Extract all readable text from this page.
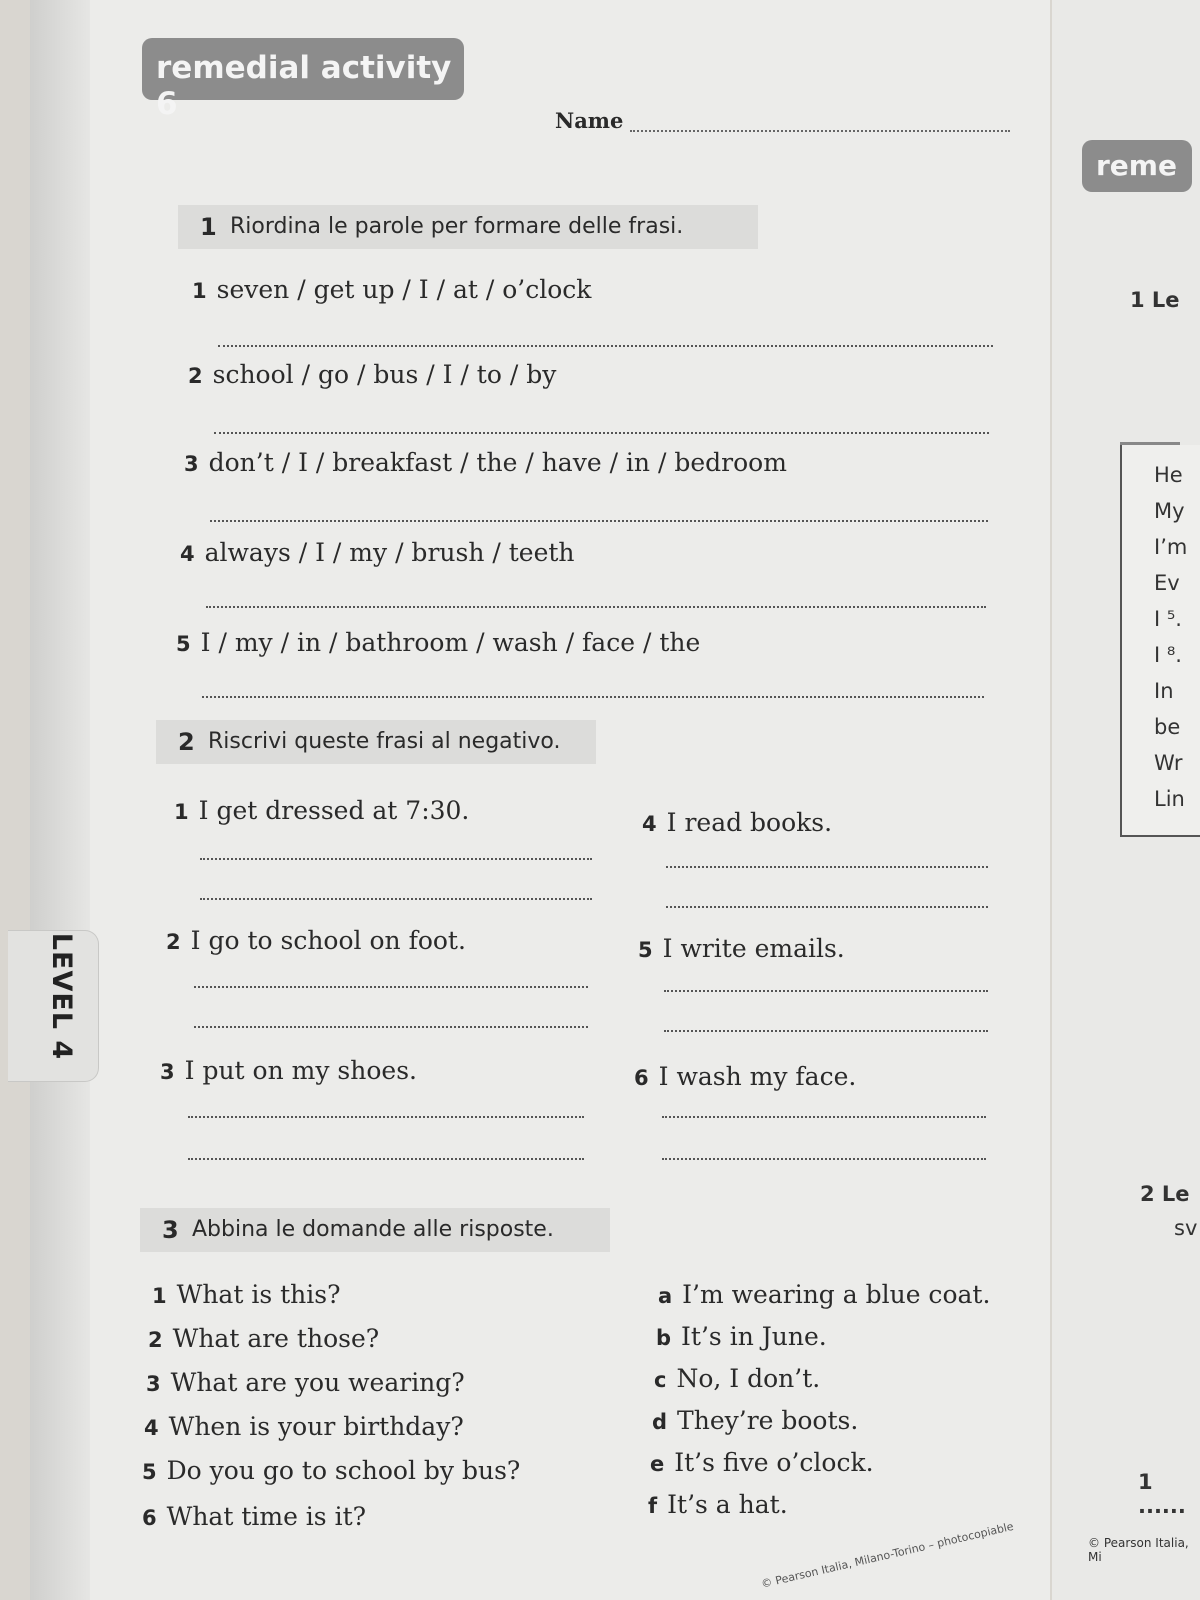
remedial activity 6	Name
1 Riordina le parole per formare delle frasi.
1 seven / get up / I / at / o’clock
2 school / go / bus / I / to / by
3 don’t / I / breakfast / the / have / in / bedroom
4 always / I / my / brush / teeth
5 I / my / in / bathroom / wash / face / the
2 Riscrivi queste frasi al negativo.
1 I get dressed at 7:30.	4 I read books.
2 I go to school on foot.	5 I write emails.
3 I put on my shoes.	6 I wash my face.
3 Abbina le domande alle risposte.
1 What is this?
2 What are those?
3 What are you wearing?
4 When is your birthday?
5 Do you go to school by bus?
6 What time is it?
a I’m wearing a blue coat.
b It’s in June.
c No, I don’t.
d They’re boots.
e It’s five o’clock.
f It’s a hat.
LEVEL 4
© Pearson Italia, Milano-Torino – photocopiable
reme
1 Le
He
My
I’m
Ev
I ⁵.
I ⁸.
In
be
Wr
Lin
2 Le
sv
1 ......
© Pearson Italia, Mi
